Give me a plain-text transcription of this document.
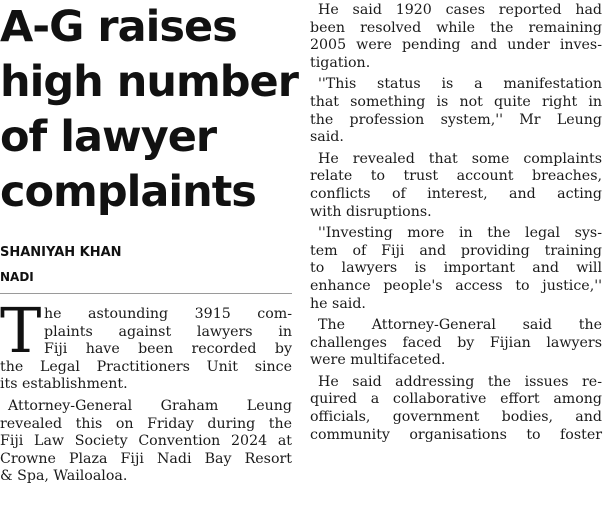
A-G raises
high number
of lawyer
complaints
SHANIYAH KHAN
NADI
T he astounding 3915 com-
plaints against lawyers in
Fiji have been recorded by
the Legal Practitioners Unit since
its establishment.
Attorney-General Graham Leung
revealed this on Friday during the
Fiji Law Society Convention 2024 at
Crowne Plaza Fiji Nadi Bay Resort
& Spa, Wailoaloa.
He said 1920 cases reported had
been resolved while the remaining
2005 were pending and under inves-
tigation.
''This status is a manifestation
that something is not quite right in
the profession system,'' Mr Leung
said.
He revealed that some complaints
relate to trust account breaches,
conflicts of interest, and acting
with disruptions.
''Investing more in the legal sys-
tem of Fiji and providing training
to lawyers is important and will
enhance people's access to justice,''
he said.
The Attorney-General said the
challenges faced by Fijian lawyers
were multifaceted.
He said addressing the issues re-
quired a collaborative effort among
officials, government bodies, and
community organisations to foster
